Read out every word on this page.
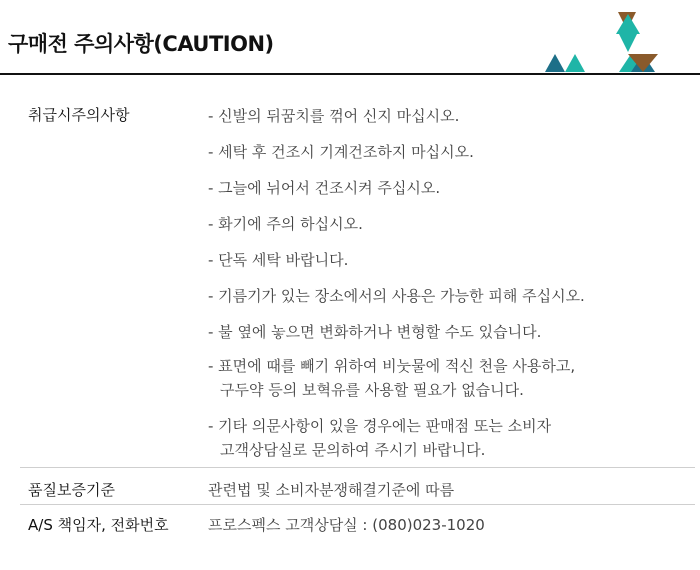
구매전 주의사항(CAUTION)
취급시주의사항	- 신발의 뒤꿈치를 꺾어 신지 마십시오.
- 세탁 후 건조시 기계건조하지 마십시오.
- 그늘에 뉘어서 건조시켜 주십시오.
- 화기에 주의 하십시오.
- 단독 세탁 바랍니다.
- 기름기가 있는 장소에서의 사용은 가능한 피해 주십시오.
- 불 옆에 놓으면 변화하거나 변형할 수도 있습니다.
- 표면에 때를 빼기 위하여 비눗물에 적신 천을 사용하고,
구두약 등의 보혁유를 사용할 필요가 없습니다.
- 기타 의문사항이 있을 경우에는 판매점 또는 소비자
고객상담실로 문의하여 주시기 바랍니다.
품질보증기준	관련법 및 소비자분쟁해결기준에 따름
A/S 책임자, 전화번호	프로스펙스 고객상담실 : (080)023-1020
